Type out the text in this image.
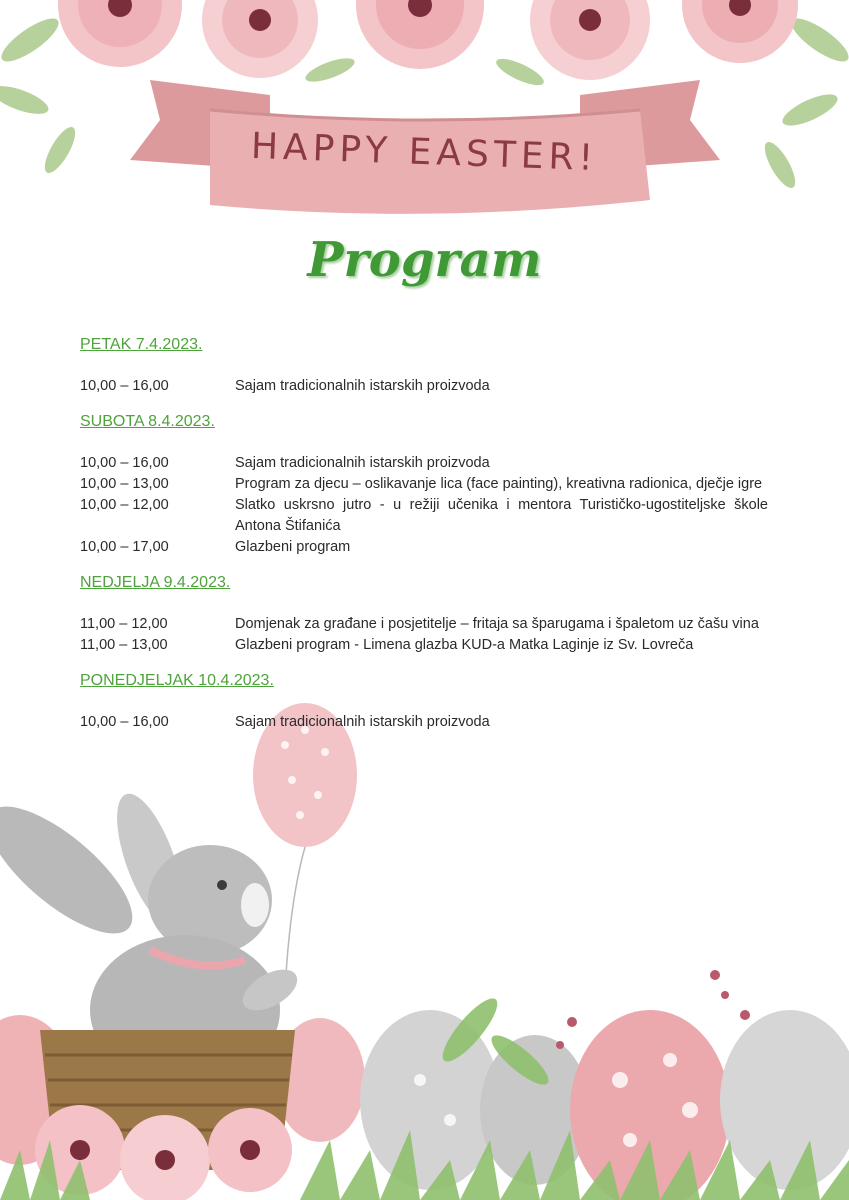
HAPPY EASTER!
Program
PETAK 7.4.2023.
10,00 – 16,00	Sajam tradicionalnih istarskih proizvoda
SUBOTA 8.4.2023.
10,00 – 16,00	Sajam tradicionalnih istarskih proizvoda
10,00 – 13,00	Program za djecu – oslikavanje lica (face painting), kreativna radionica, dječje igre
10,00 – 12,00	Slatko uskrsno jutro - u režiji učenika i mentora Turističko-ugostiteljske škole Antona Štifanića
10,00 – 17,00	Glazbeni program
NEDJELJA 9.4.2023.
11,00 – 12,00	Domjenak za građane i posjetitelje – fritaja sa šparugama i špaletom uz čašu vina
11,00 – 13,00	Glazbeni program - Limena glazba KUD-a Matka Laginje iz Sv. Lovreča
PONEDJELJAK 10.4.2023.
10,00 – 16,00	Sajam tradicionalnih istarskih proizvoda
